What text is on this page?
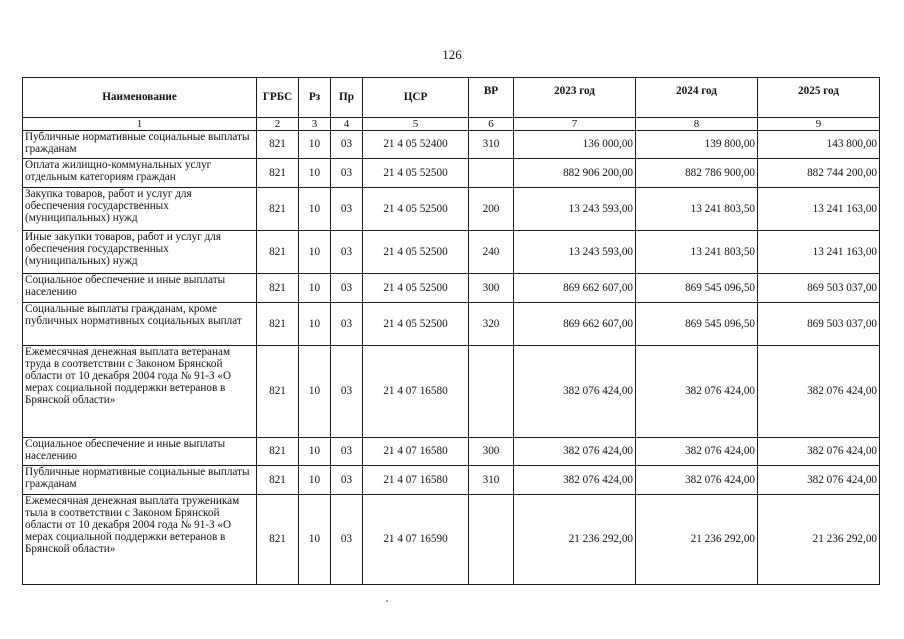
126
Наименование	ГРБС	Рз	Пр	ЦСР	ВР	2023 год	2024 год	2025 год
1	2	3	4	5	6	7	8	9
Публичные нормативные социальные выплаты гражданам	821	10	03	21 4 05 52400	310	136 000,00	139 800,00	143 800,00
Оплата жилищно-коммунальных услуг отдельным категориям граждан	821	10	03	21 4 05 52500		882 906 200,00	882 786 900,00	882 744 200,00
Закупка товаров, работ и услуг для обеспечения государственных (муниципальных) нужд	821	10	03	21 4 05 52500	200	13 243 593,00	13 241 803,50	13 241 163,00
Иные закупки товаров, работ и услуг для обеспечения государственных (муниципальных) нужд	821	10	03	21 4 05 52500	240	13 243 593,00	13 241 803,50	13 241 163,00
Социальное обеспечение и иные выплаты населению	821	10	03	21 4 05 52500	300	869 662 607,00	869 545 096,50	869 503 037,00
Социальные выплаты гражданам, кроме публичных нормативных социальных выплат	821	10	03	21 4 05 52500	320	869 662 607,00	869 545 096,50	869 503 037,00
Ежемесячная денежная выплата ветеранам труда в соответствии с Законом Брянской области от 10 декабря 2004 года № 91-З «О мерах социальной поддержки ветеранов в Брянской области»	821	10	03	21 4 07 16580		382 076 424,00	382 076 424,00	382 076 424,00
Социальное обеспечение и иные выплаты населению	821	10	03	21 4 07 16580	300	382 076 424,00	382 076 424,00	382 076 424,00
Публичные нормативные социальные выплаты гражданам	821	10	03	21 4 07 16580	310	382 076 424,00	382 076 424,00	382 076 424,00
Ежемесячная денежная выплата труженикам тыла в соответствии с Законом Брянской области от 10 декабря 2004 года № 91-З «О мерах социальной поддержки ветеранов в Брянской области»	821	10	03	21 4 07 16590		21 236 292,00	21 236 292,00	21 236 292,00
